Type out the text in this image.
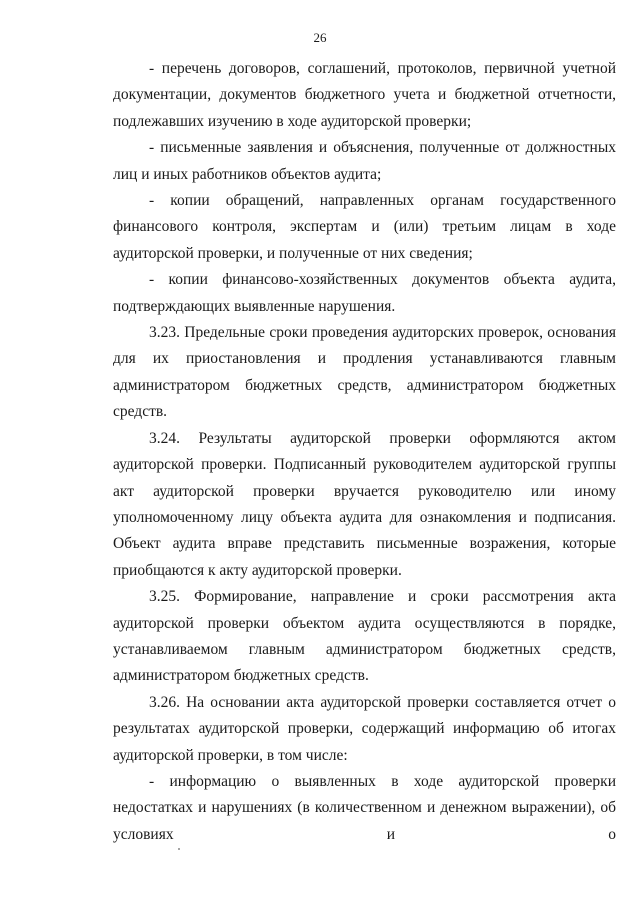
26

- перечень договоров, соглашений, протоколов, первичной учетной документации, документов бюджетного учета и бюджетной отчетности, подлежавших изучению в ходе аудиторской проверки;

- письменные заявления и объяснения, полученные от должностных лиц и иных работников объектов аудита;

- копии обращений, направленных органам государственного финансового контроля, экспертам и (или) третьим лицам в ходе аудиторской проверки, и полученные от них сведения;

- копии финансово-хозяйственных документов объекта аудита, подтверждающих выявленные нарушения.

3.23. Предельные сроки проведения аудиторских проверок, основания для их приостановления и продления устанавливаются главным администратором бюджетных средств, администратором бюджетных средств.

3.24. Результаты аудиторской проверки оформляются актом аудиторской проверки. Подписанный руководителем аудиторской группы акт аудиторской проверки вручается руководителю или иному уполномоченному лицу объекта аудита для ознакомления и подписания. Объект аудита вправе представить письменные возражения, которые приобщаются к акту аудиторской проверки.

3.25. Формирование, направление и сроки рассмотрения акта аудиторской проверки объектом аудита осуществляются в порядке, устанавливаемом главным администратором бюджетных средств, администратором бюджетных средств.

3.26. На основании акта аудиторской проверки составляется отчет о результатах аудиторской проверки, содержащий информацию об итогах аудиторской проверки, в том числе:

- информацию о выявленных в ходе аудиторской проверки недостатках и нарушениях (в количественном и денежном выражении), об условиях и о
